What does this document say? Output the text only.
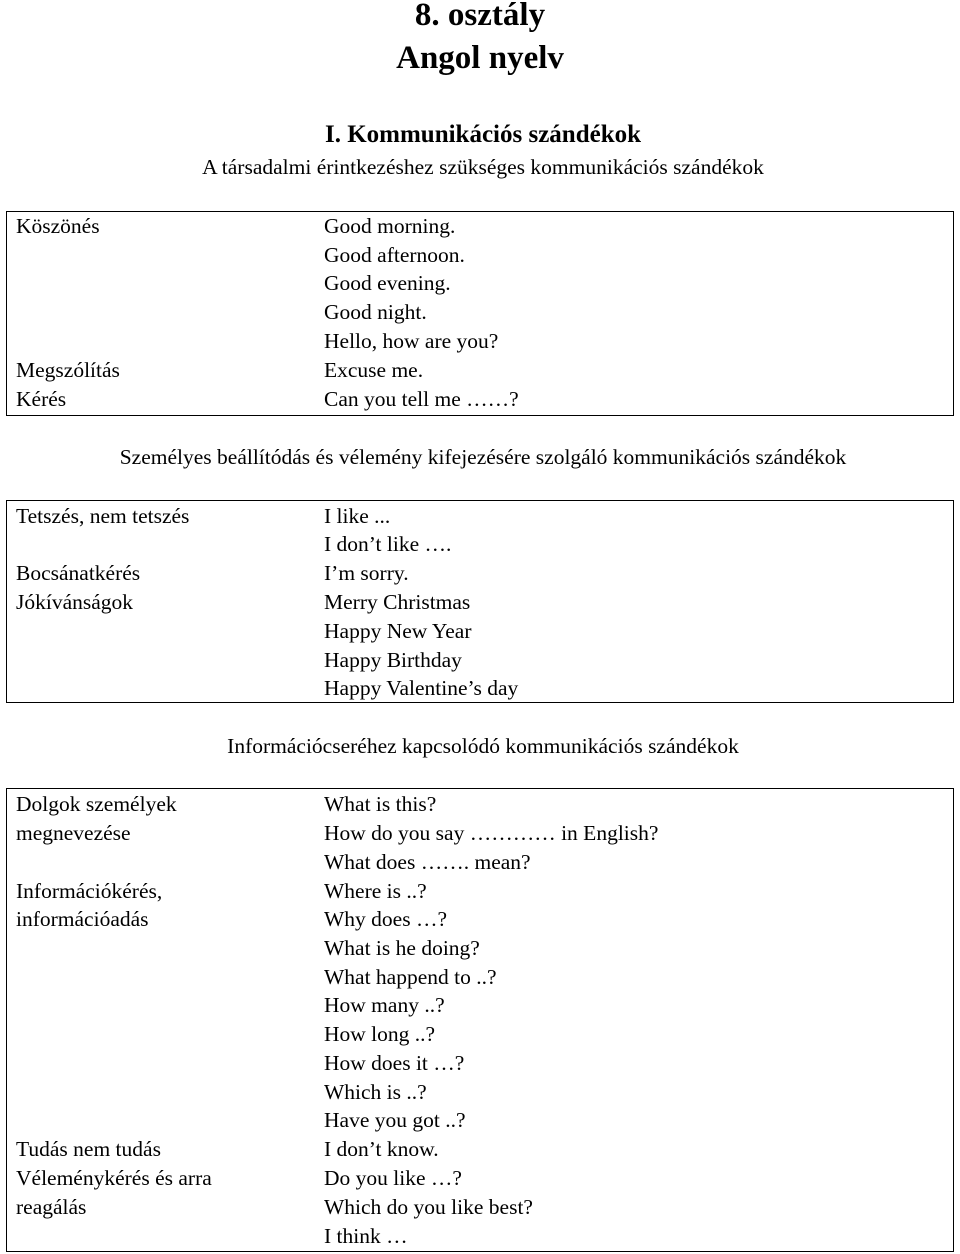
8. osztály
Angol nyelv
I. Kommunikációs szándékok
A társadalmi érintkezéshez szükséges kommunikációs szándékok
Köszönés
Megszólítás
Kérés
Good morning.
Good afternoon.
Good evening.
Good night.
Hello, how are you?
Excuse me.
Can you tell me ……?
Személyes beállítódás és vélemény kifejezésére szolgáló kommunikációs szándékok
Tetszés, nem tetszés
Bocsánatkérés
Jókívánságok
I like ...
I don’t like ….
I’m sorry.
Merry Christmas
Happy New Year
Happy Birthday
Happy Valentine’s day
Információcseréhez kapcsolódó kommunikációs szándékok
Dolgok személyek
megnevezése
Információkérés,
információadás
Tudás nem tudás
Véleménykérés és arra
reagálás
What is this?
How do you say ………… in English?
What does ……. mean?
Where is ..?
Why does …?
What is he doing?
What happend to ..?
How many ..?
How long ..?
How does it …?
Which is ..?
Have you got ..?
I don’t know.
Do you like …?
Which do you like best?
I think …
